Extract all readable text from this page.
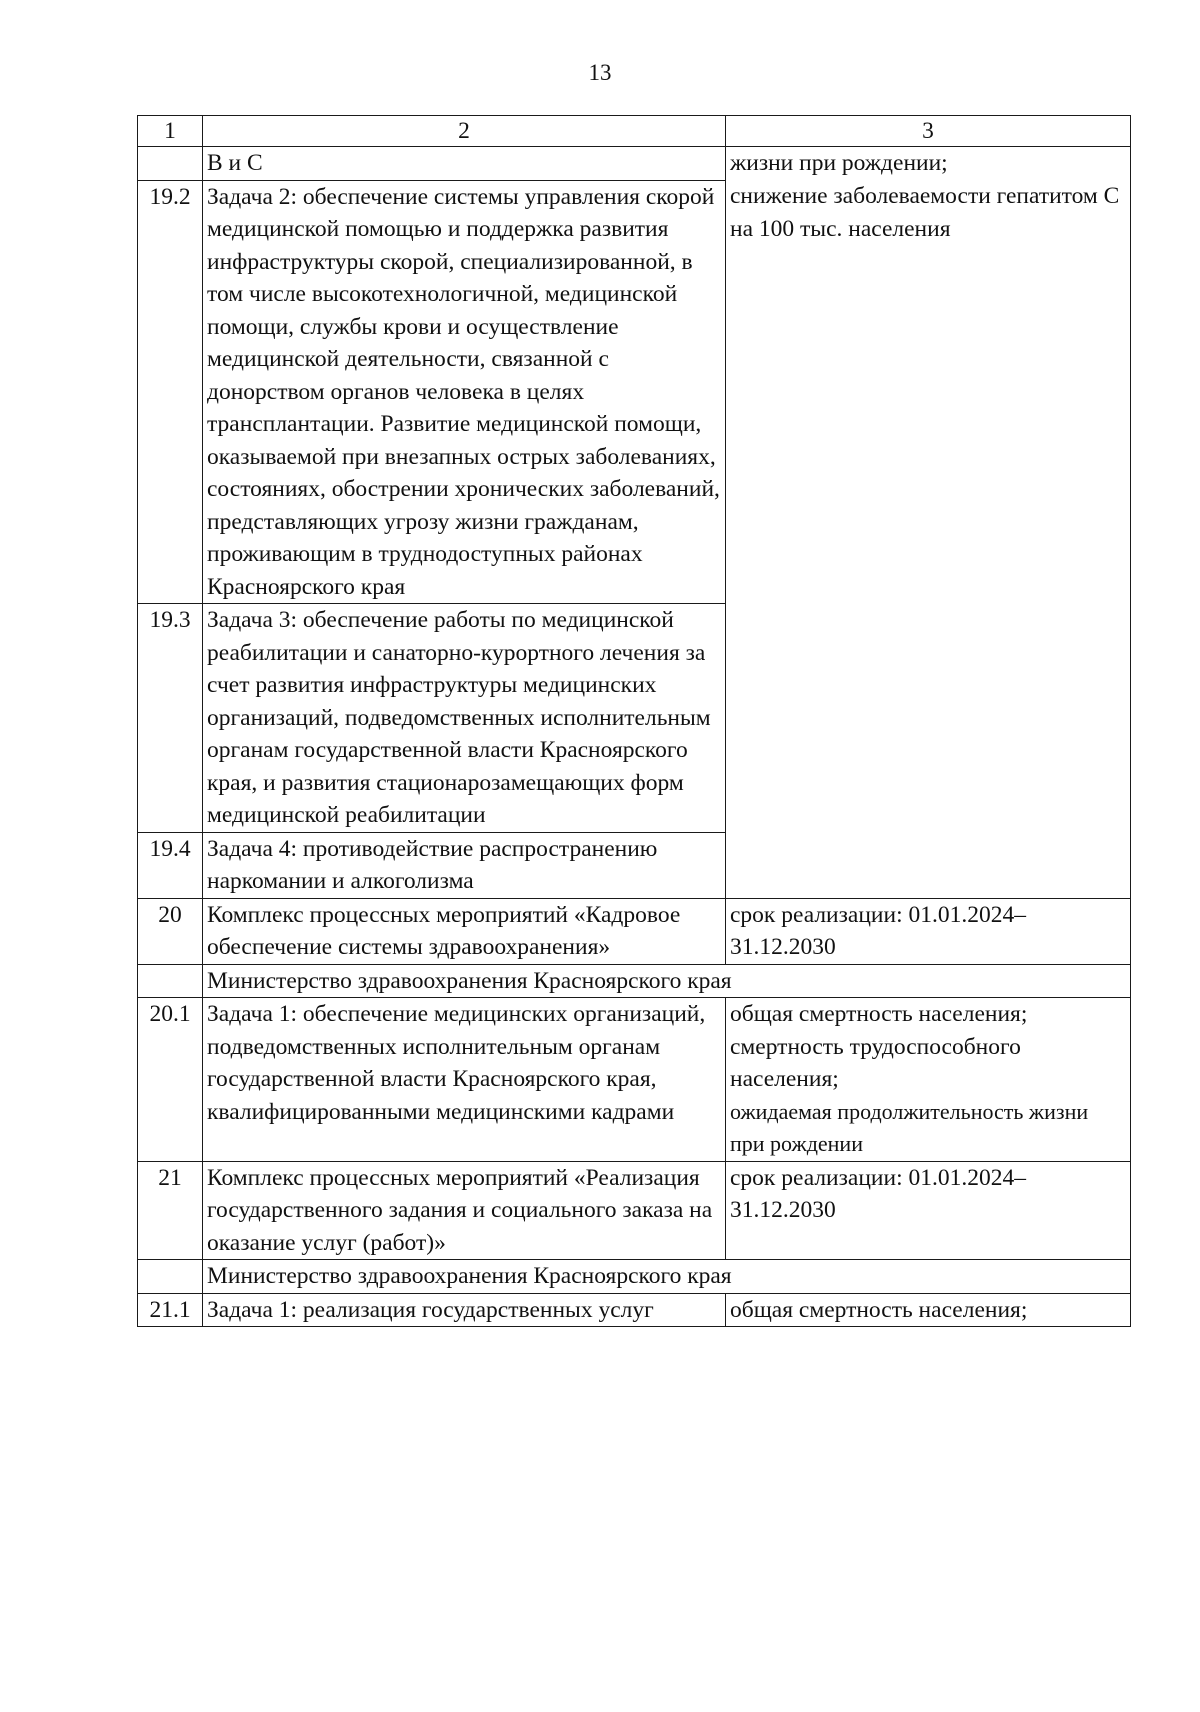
13
1	2	3
	В и С	жизни при рождении;
19.2	Задача 2: обеспечение системы управления скорой медицинской помощью и поддержка развития инфраструктуры скорой, специализированной, в том числе высокотехнологичной, медицинской помощи, службы крови и осуществление медицинской деятельности, связанной с донорством органов человека в целях трансплантации. Развитие медицинской помощи, оказываемой при внезапных острых заболеваниях, состояниях, обострении хронических заболеваний, представляющих угрозу жизни гражданам, проживающим в труднодоступных районах Красноярского края	снижение заболеваемости гепатитом С на 100 тыс. населения
19.3	Задача 3: обеспечение работы по медицинской реабилитации и санаторно-курортного лечения за счет развития инфраструктуры медицинских организаций, подведомственных исполнительным органам государственной власти Красноярского края, и развития стационарозамещающих форм медицинской реабилитации	
19.4	Задача 4: противодействие распространению наркомании и алкоголизма	
20	Комплекс процессных мероприятий «Кадровое обеспечение системы здравоохранения»	срок реализации: 01.01.2024–31.12.2030
	Министерство здравоохранения Красноярского края	
20.1	Задача 1: обеспечение медицинских организаций, подведомственных исполнительным органам государственной власти Красноярского края, квалифицированными медицинскими кадрами	общая смертность населения; смертность трудоспособного населения;
ожидаемая продолжительность жизни при рождении
21	Комплекс процессных мероприятий «Реализация государственного задания и социального заказа на оказание услуг (работ)»	срок реализации: 01.01.2024–31.12.2030
	Министерство здравоохранения Красноярского края	
21.1	Задача 1: реализация государственных услуг	общая смертность населения;
